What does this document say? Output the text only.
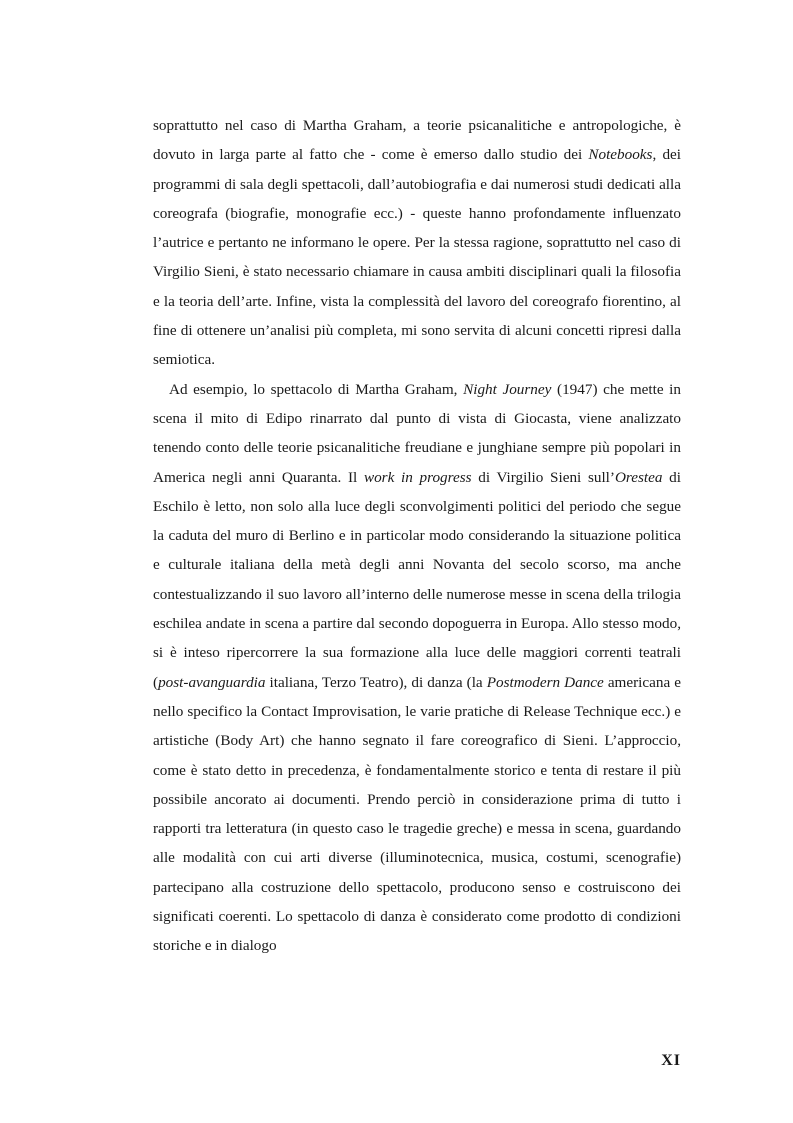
soprattutto nel caso di Martha Graham, a teorie psicanalitiche e antropologiche, è dovuto in larga parte al fatto che - come è emerso dallo studio dei Notebooks, dei programmi di sala degli spettacoli, dall’autobiografia e dai numerosi studi dedicati alla coreografa (biografie, monografie ecc.) - queste hanno profondamente influenzato l’autrice e pertanto ne informano le opere. Per la stessa ragione, soprattutto nel caso di Virgilio Sieni, è stato necessario chiamare in causa ambiti disciplinari quali la filosofia e la teoria dell’arte. Infine, vista la complessità del lavoro del coreografo fiorentino, al fine di ottenere un’analisi più completa, mi sono servita di alcuni concetti ripresi dalla semiotica.

Ad esempio, lo spettacolo di Martha Graham, Night Journey (1947) che mette in scena il mito di Edipo rinarrato dal punto di vista di Giocasta, viene analizzato tenendo conto delle teorie psicanalitiche freudiane e junghiane sempre più popolari in America negli anni Quaranta. Il work in progress di Virgilio Sieni sull’Orestea di Eschilo è letto, non solo alla luce degli sconvolgimenti politici del periodo che segue la caduta del muro di Berlino e in particolar modo considerando la situazione politica e culturale italiana della metà degli anni Novanta del secolo scorso, ma anche contestualizzando il suo lavoro all’interno delle numerose messe in scena della trilogia eschilea andate in scena a partire dal secondo dopoguerra in Europa. Allo stesso modo, si è inteso ripercorrere la sua formazione alla luce delle maggiori correnti teatrali (post-avanguardia italiana, Terzo Teatro), di danza (la Postmodern Dance americana e nello specifico la Contact Improvisation, le varie pratiche di Release Technique ecc.) e artistiche (Body Art) che hanno segnato il fare coreografico di Sieni. L’approccio, come è stato detto in precedenza, è fondamentalmente storico e tenta di restare il più possibile ancorato ai documenti. Prendo perciò in considerazione prima di tutto i rapporti tra letteratura (in questo caso le tragedie greche) e messa in scena, guardando alle modalità con cui arti diverse (illuminotecnica, musica, costumi, scenografie) partecipano alla costruzione dello spettacolo, producono senso e costruiscono dei significati coerenti. Lo spettacolo di danza è considerato come prodotto di condizioni storiche e in dialogo

XI
